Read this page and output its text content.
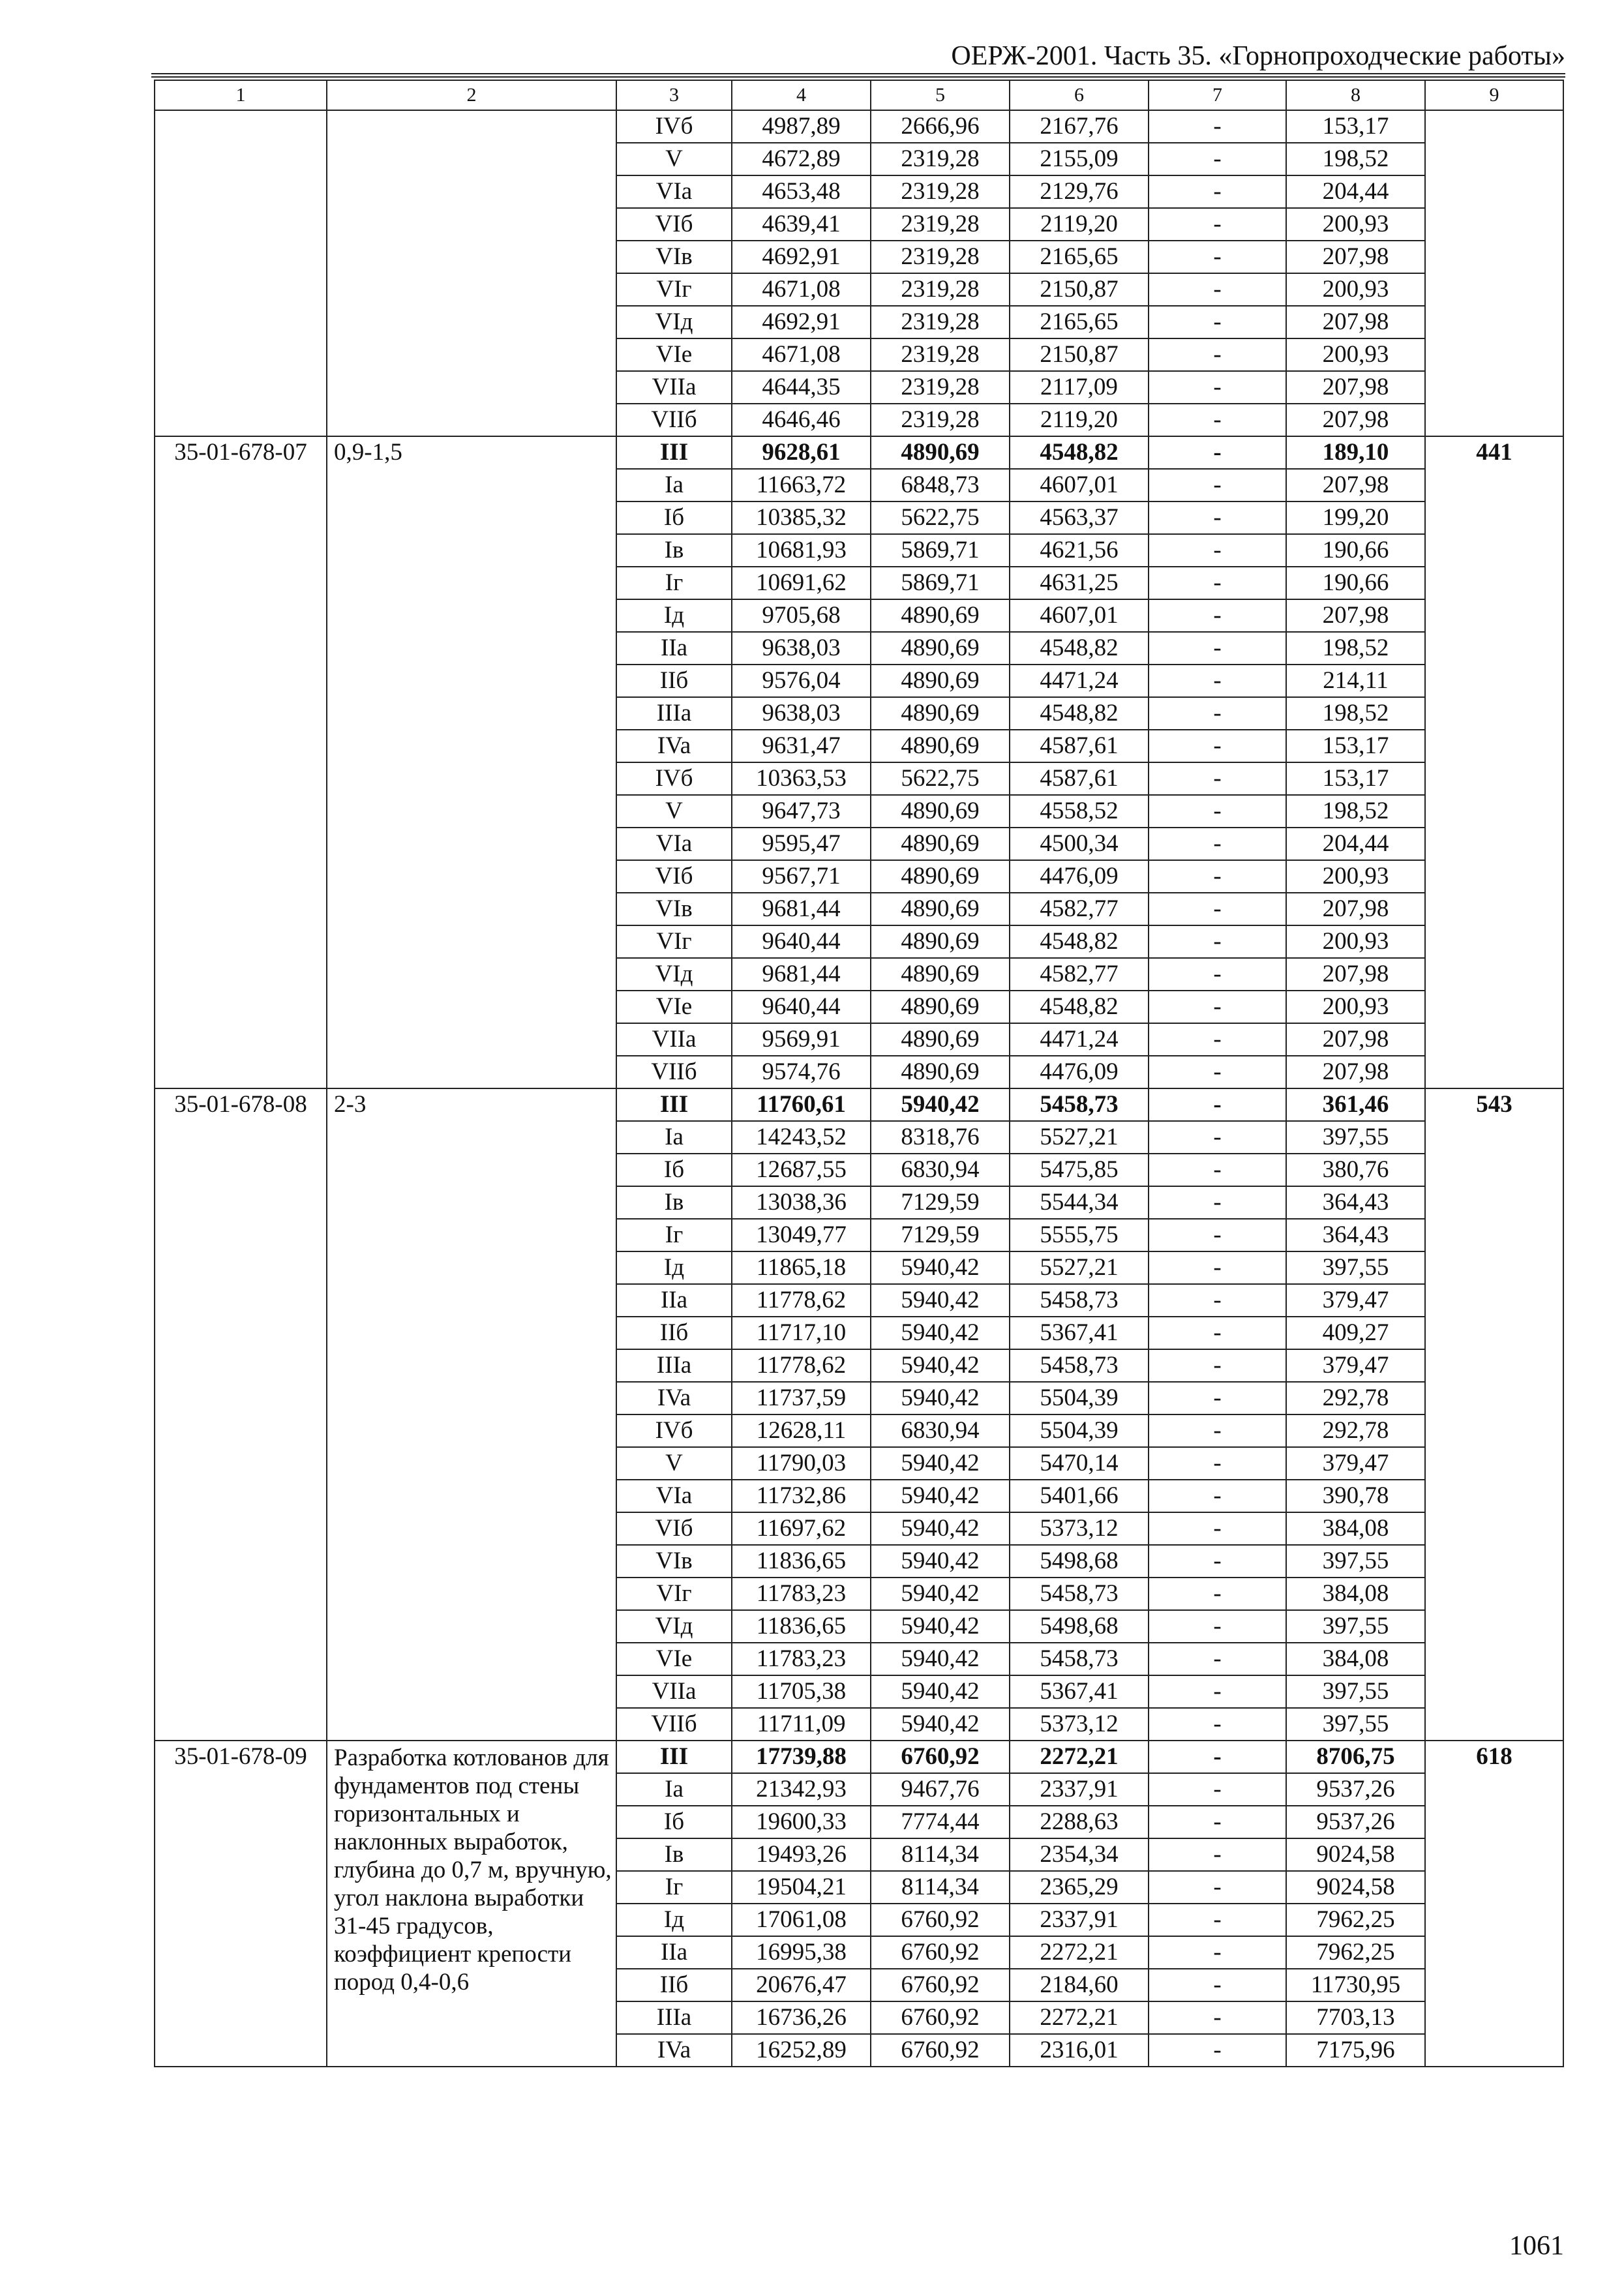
ОЕРЖ-2001. Часть 35. «Горнопроходческие работы»
1	2	3	4	5	6	7	8	9
		IVб	4987,89	2666,96	2167,76	-	153,17	
		V	4672,89	2319,28	2155,09	-	198,52	
		VIa	4653,48	2319,28	2129,76	-	204,44	
		VIб	4639,41	2319,28	2119,20	-	200,93	
		VIв	4692,91	2319,28	2165,65	-	207,98	
		VIг	4671,08	2319,28	2150,87	-	200,93	
		VIд	4692,91	2319,28	2165,65	-	207,98	
		VIe	4671,08	2319,28	2150,87	-	200,93	
		VIIa	4644,35	2319,28	2117,09	-	207,98	
		VIIб	4646,46	2319,28	2119,20	-	207,98	
35-01-678-07	0,9-1,5	III	9628,61	4890,69	4548,82	-	189,10	441
		Ia	11663,72	6848,73	4607,01	-	207,98	
		Iб	10385,32	5622,75	4563,37	-	199,20	
		Iв	10681,93	5869,71	4621,56	-	190,66	
		Iг	10691,62	5869,71	4631,25	-	190,66	
		Iд	9705,68	4890,69	4607,01	-	207,98	
		IIa	9638,03	4890,69	4548,82	-	198,52	
		IIб	9576,04	4890,69	4471,24	-	214,11	
		IIIa	9638,03	4890,69	4548,82	-	198,52	
		IVa	9631,47	4890,69	4587,61	-	153,17	
		IVб	10363,53	5622,75	4587,61	-	153,17	
		V	9647,73	4890,69	4558,52	-	198,52	
		VIa	9595,47	4890,69	4500,34	-	204,44	
		VIб	9567,71	4890,69	4476,09	-	200,93	
		VIв	9681,44	4890,69	4582,77	-	207,98	
		VIг	9640,44	4890,69	4548,82	-	200,93	
		VIд	9681,44	4890,69	4582,77	-	207,98	
		VIe	9640,44	4890,69	4548,82	-	200,93	
		VIIa	9569,91	4890,69	4471,24	-	207,98	
		VIIб	9574,76	4890,69	4476,09	-	207,98	
35-01-678-08	2-3	III	11760,61	5940,42	5458,73	-	361,46	543
		Ia	14243,52	8318,76	5527,21	-	397,55	
		Iб	12687,55	6830,94	5475,85	-	380,76	
		Iв	13038,36	7129,59	5544,34	-	364,43	
		Iг	13049,77	7129,59	5555,75	-	364,43	
		Iд	11865,18	5940,42	5527,21	-	397,55	
		IIa	11778,62	5940,42	5458,73	-	379,47	
		IIб	11717,10	5940,42	5367,41	-	409,27	
		IIIa	11778,62	5940,42	5458,73	-	379,47	
		IVa	11737,59	5940,42	5504,39	-	292,78	
		IVб	12628,11	6830,94	5504,39	-	292,78	
		V	11790,03	5940,42	5470,14	-	379,47	
		VIa	11732,86	5940,42	5401,66	-	390,78	
		VIб	11697,62	5940,42	5373,12	-	384,08	
		VIв	11836,65	5940,42	5498,68	-	397,55	
		VIг	11783,23	5940,42	5458,73	-	384,08	
		VIд	11836,65	5940,42	5498,68	-	397,55	
		VIe	11783,23	5940,42	5458,73	-	384,08	
		VIIa	11705,38	5940,42	5367,41	-	397,55	
		VIIб	11711,09	5940,42	5373,12	-	397,55	
35-01-678-09	Разработка котлованов для фундаментов под стены горизонтальных и наклонных выработок, глубина до 0,7 м, вручную, угол наклона выработки 31-45 градусов, коэффициент крепости пород 0,4-0,6	III	17739,88	6760,92	2272,21	-	8706,75	618
		Ia	21342,93	9467,76	2337,91	-	9537,26	
		Iб	19600,33	7774,44	2288,63	-	9537,26	
		Iв	19493,26	8114,34	2354,34	-	9024,58	
		Iг	19504,21	8114,34	2365,29	-	9024,58	
		Iд	17061,08	6760,92	2337,91	-	7962,25	
		IIa	16995,38	6760,92	2272,21	-	7962,25	
		IIб	20676,47	6760,92	2184,60	-	11730,95	
		IIIa	16736,26	6760,92	2272,21	-	7703,13	
		IVa	16252,89	6760,92	2316,01	-	7175,96	
1061
